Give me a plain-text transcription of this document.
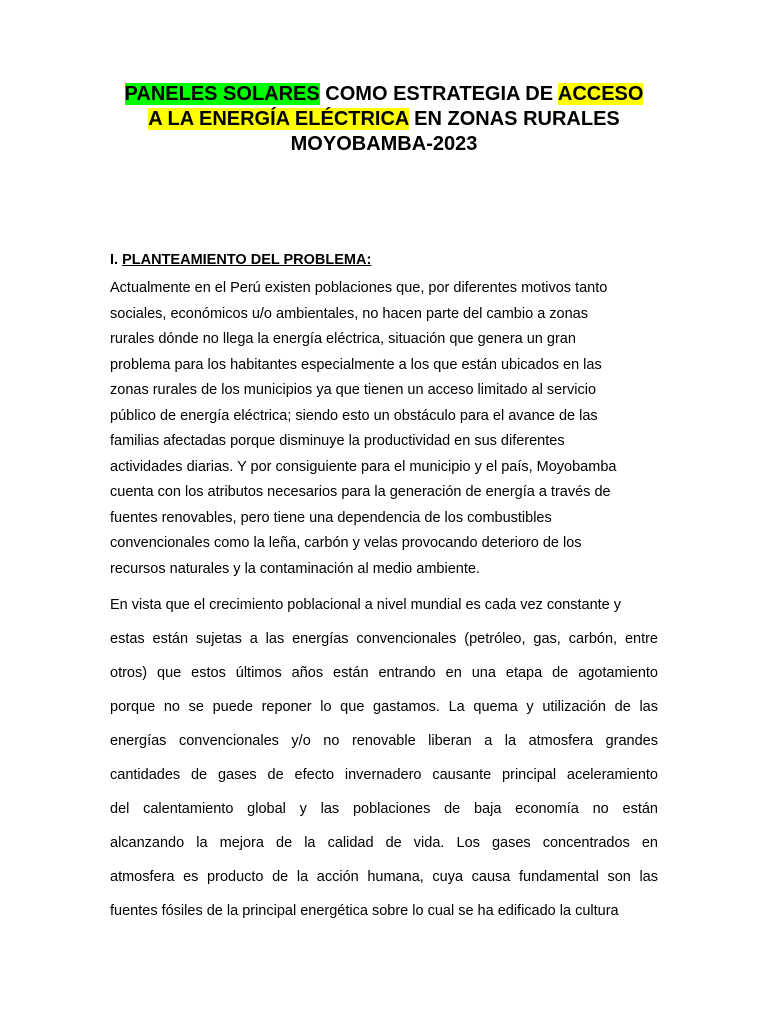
PANELES SOLARES COMO ESTRATEGIA DE ACCESO
A LA ENERGÍA ELÉCTRICA EN ZONAS RURALES
MOYOBAMBA-2023

I. PLANTEAMIENTO DEL PROBLEMA:

Actualmente en el Perú existen poblaciones que, por diferentes motivos tanto
sociales, económicos u/o ambientales, no hacen parte del cambio a zonas
rurales dónde no llega la energía eléctrica, situación que genera un gran
problema para los habitantes especialmente a los que están ubicados en las
zonas rurales de los municipios ya que tienen un acceso limitado al servicio
público de energía eléctrica; siendo esto un obstáculo para el avance de las
familias afectadas porque disminuye la productividad en sus diferentes
actividades diarias. Y por consiguiente para el municipio y el país, Moyobamba
cuenta con los atributos necesarios para la generación de energía a través de
fuentes renovables, pero tiene una dependencia de los combustibles
convencionales como la leña, carbón y velas provocando deterioro de los
recursos naturales y la contaminación al medio ambiente.

En vista que el crecimiento poblacional a nivel mundial es cada vez constante y
estas están sujetas a las energías convencionales (petróleo, gas, carbón, entre
otros) que estos últimos años están entrando en una etapa de agotamiento
porque no se puede reponer lo que gastamos. La quema y utilización de las
energías convencionales y/o no renovable liberan a la atmosfera grandes
cantidades de gases de efecto invernadero causante principal aceleramiento
del calentamiento global y las poblaciones de baja economía no están
alcanzando la mejora de la calidad de vida. Los gases concentrados en
atmosfera es producto de la acción humana, cuya causa fundamental son las
fuentes fósiles de la principal energética sobre lo cual se ha edificado la cultura
